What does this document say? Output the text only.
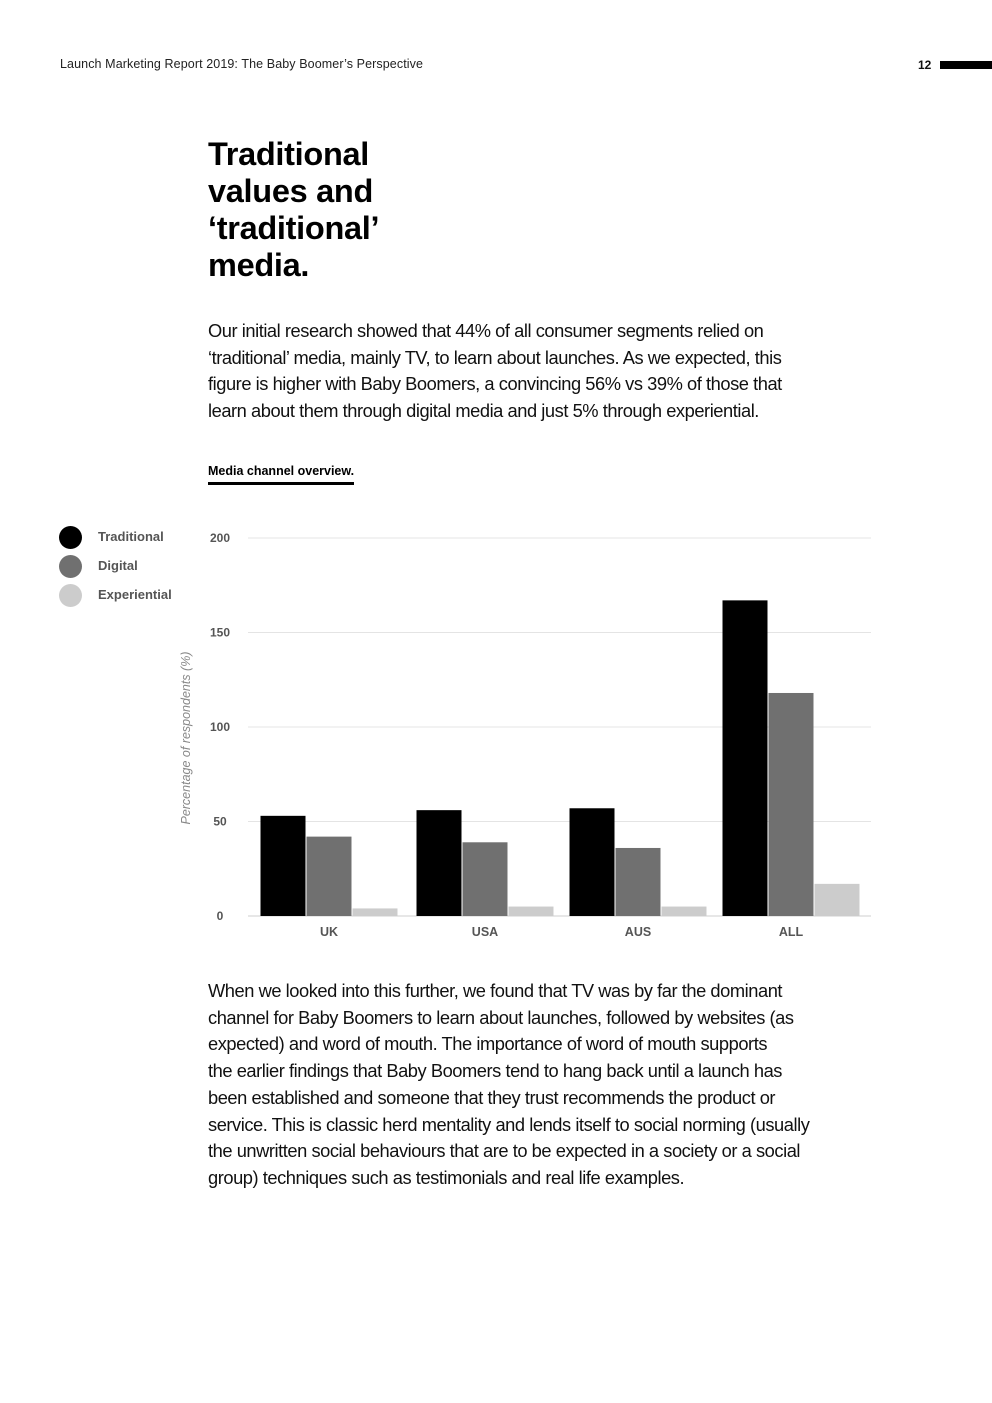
Launch Marketing Report 2019: The Baby Boomer’s Perspective	12
Traditional
values and
‘traditional’
media.

Our initial research showed that 44% of all consumer segments relied on
‘traditional’ media, mainly TV, to learn about launches. As we expected, this
figure is higher with Baby Boomers, a convincing 56% vs 39% of those that
learn about them through digital media and just 5% through experiential.

Media channel overview.
Traditional
Digital
Experiential
0
50
100
150
200
Percentage of respondents (%)
UK	USA	AUS	ALL

When we looked into this further, we found that TV was by far the dominant
channel for Baby Boomers to learn about launches, followed by websites (as
expected) and word of mouth. The importance of word of mouth supports
the earlier findings that Baby Boomers tend to hang back until a launch has
been established and someone that they trust recommends the product or
service. This is classic herd mentality and lends itself to social norming (usually
the unwritten social behaviours that are to be expected in a society or a social
group) techniques such as testimonials and real life examples.
